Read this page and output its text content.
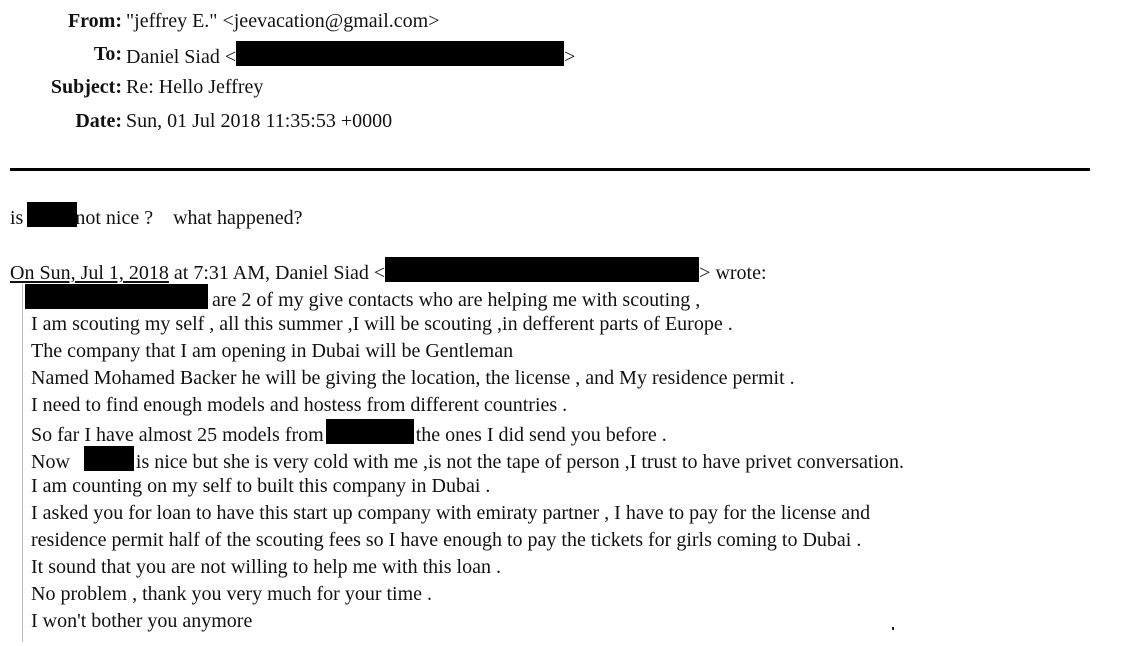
From: "jeffrey E." <jeevacation@gmail.com>
To: Daniel Siad <	>
Subject: Re: Hello Jeffrey
Date: Sun, 01 Jul 2018 11:35:53 +0000
is	not nice ?    what happened?
On Sun, Jul 1, 2018 at 7:31 AM, Daniel Siad <	> wrote:
are 2 of my give contacts who are helping me with scouting ,
I am scouting my self , all this summer ,I will be scouting ,in defferent parts of Europe .
The company that I am opening in Dubai will be Gentleman
Named Mohamed Backer he will be giving the location, the license , and My residence permit .
I need to find enough models and hostess from different countries .
So far I have almost 25 models from	the ones I did send you before .
Now	is nice but she is very cold with me ,is not the tape of person ,I trust to have privet conversation.
I am counting on my self to built this company in Dubai .
I asked you for loan to have this start up company with emiraty partner , I have to pay for the license and
residence permit half of the scouting fees so I have enough to pay the tickets for girls coming to Dubai .
It sound that you are not willing to help me with this loan .
No problem , thank you very much for your time .
I won't bother you anymore
